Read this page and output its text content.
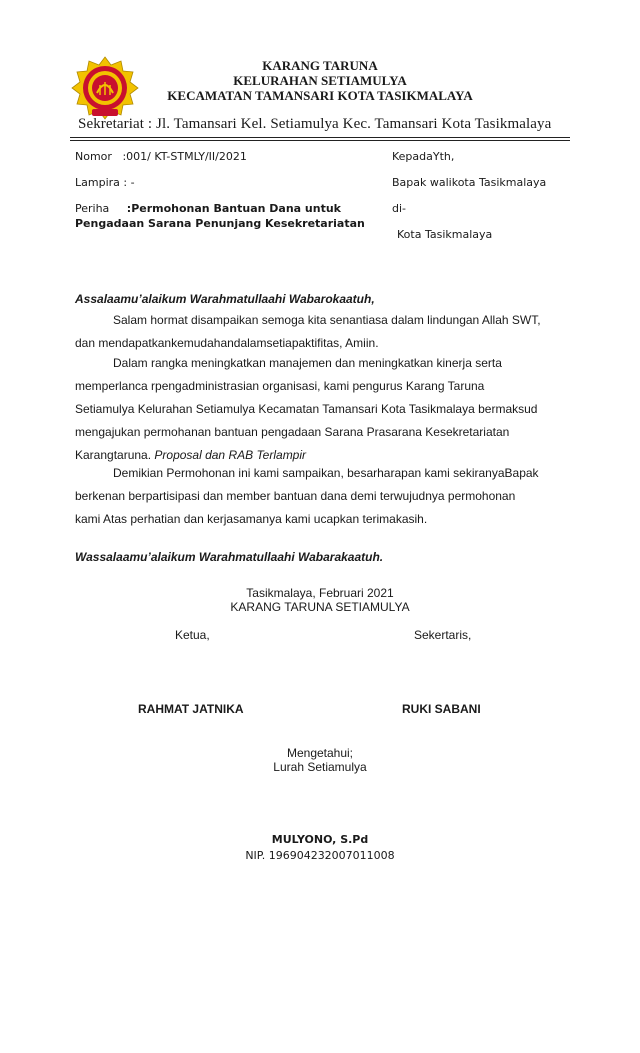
KARANG TARUNA
KELURAHAN SETIAMULYA
KECAMATAN TAMANSARI KOTA TASIKMALAYA
Sekretariat : Jl. Tamansari Kel. Setiamulya Kec. Tamansari Kota Tasikmalaya
Nomor :001/ KT-STMLY/II/2021
Lampira : -
Periha :Permohonan Bantuan Dana untuk
Pengadaan Sarana Penunjang Kesekretariatan
KepadaYth,
Bapak walikota Tasikmalaya
di-
Kota Tasikmalaya
Assalaamu’alaikum Warahmatullaahi Wabarokaatuh,
Salam hormat disampaikan semoga kita senantiasa dalam lindungan Allah SWT,
dan mendapatkankemudahandalamsetiapaktifitas, Amiin.
Dalam rangka meningkatkan manajemen dan meningkatkan kinerja serta
memperlanca rpengadministrasian organisasi, kami pengurus Karang Taruna
Setiamulya Kelurahan Setiamulya Kecamatan Tamansari Kota Tasikmalaya bermaksud
mengajukan permohanan bantuan pengadaan Sarana Prasarana Kesekretariatan
Karangtaruna. Proposal dan RAB Terlampir
Demikian Permohonan ini kami sampaikan, besarharapan kami sekiranyaBapak
berkenan berpartisipasi dan member bantuan dana demi terwujudnya permohonan
kami Atas perhatian dan kerjasamanya kami ucapkan terimakasih.
Wassalaamu’alaikum Warahmatullaahi Wabarakaatuh.
Tasikmalaya, Februari 2021
KARANG TARUNA SETIAMULYA
Ketua,	Sekertaris,
RAHMAT JATNIKA	RUKI SABANI
Mengetahui;
Lurah Setiamulya
MULYONO, S.Pd
NIP. 196904232007011008
